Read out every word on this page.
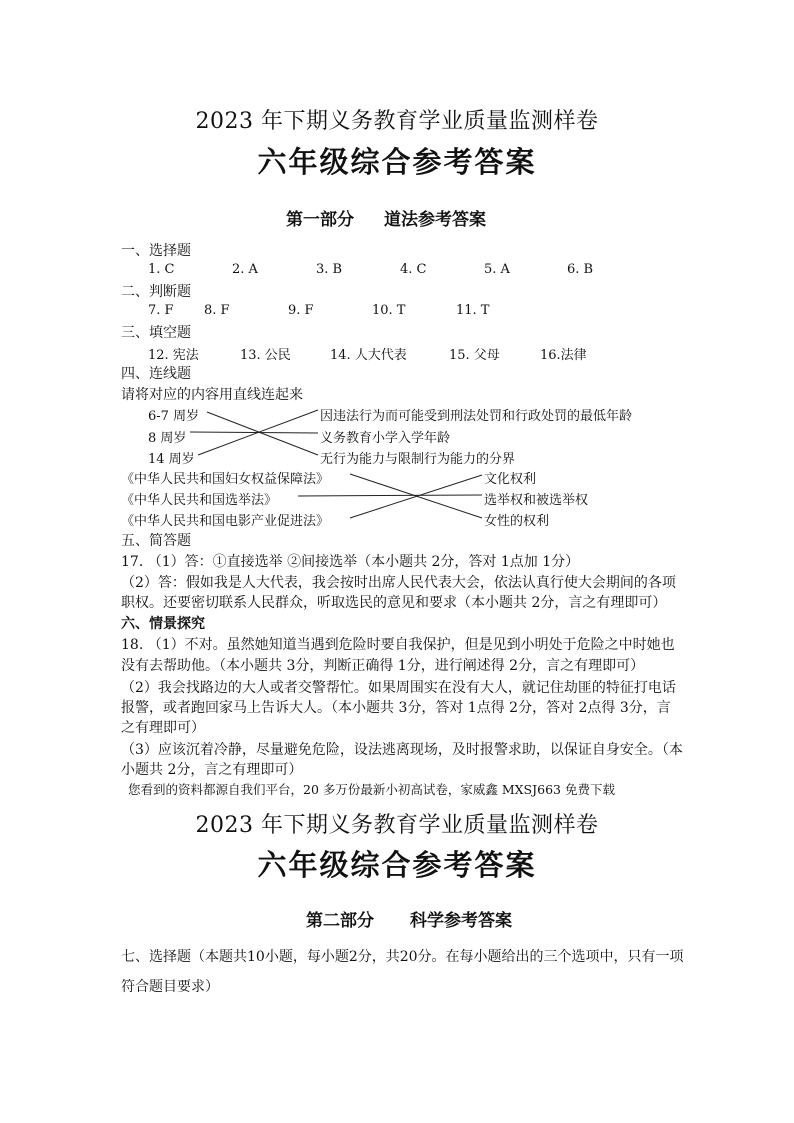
2023 年下期义务教育学业质量监测样卷
六年级综合参考答案
第一部分 道法参考答案
一、选择题
1. C	2. A	3. B	4. C	5. A	6. B
二、判断题
7. F 8. F	9. F	10. T	11. T
三、填空题
12. 宪法	13. 公民	14. 人大代表	15. 父母	16.法律
四、连线题
请将对应的内容用直线连起来
6-7 周岁
8 周岁
14 周岁
因违法行为而可能受到刑法处罚和行政处罚的最低年龄
义务教育小学入学年龄
无行为能力与限制行为能力的分界
《中华人民共和国妇女权益保障法》
《中华人民共和国选举法》
《中华人民共和国电影产业促进法》
文化权利
选举权和被选举权
女性的权利
五、简答题
17. （1）答：①直接选举 ②间接选举（本小题共 2分，答对 1点加 1分）
（2）答：假如我是人大代表，我会按时出席人民代表大会，依法认真行使大会期间的各项
职权。还要密切联系人民群众，听取选民的意见和要求（本小题共 2分，言之有理即可）
六、情景探究
18. （1）不对。虽然她知道当遇到危险时要自我保护，但是见到小明处于危险之中时她也
没有去帮助他。（本小题共 3分，判断正确得 1分，进行阐述得 2分，言之有理即可）
（2）我会找路边的大人或者交警帮忙。如果周围实在没有大人，就记住劫匪的特征打电话
报警，或者跑回家马上告诉大人。（本小题共 3分，答对 1点得 2分，答对 2点得 3分，言
之有理即可）
（3）应该沉着冷静，尽量避免危险，设法逃离现场，及时报警求助，以保证自身安全。（本
小题共 2分，言之有理即可）
您看到的资料都源自我们平台，20 多万份最新小初高试卷，家威鑫 MXSJ663 免费下载
2023 年下期义务教育学业质量监测样卷
六年级综合参考答案
第二部分 科学参考答案
七、选择题（本题共10小题，每小题2分，共20分。在每小题给出的三个选项中，只有一项
符合题目要求）
